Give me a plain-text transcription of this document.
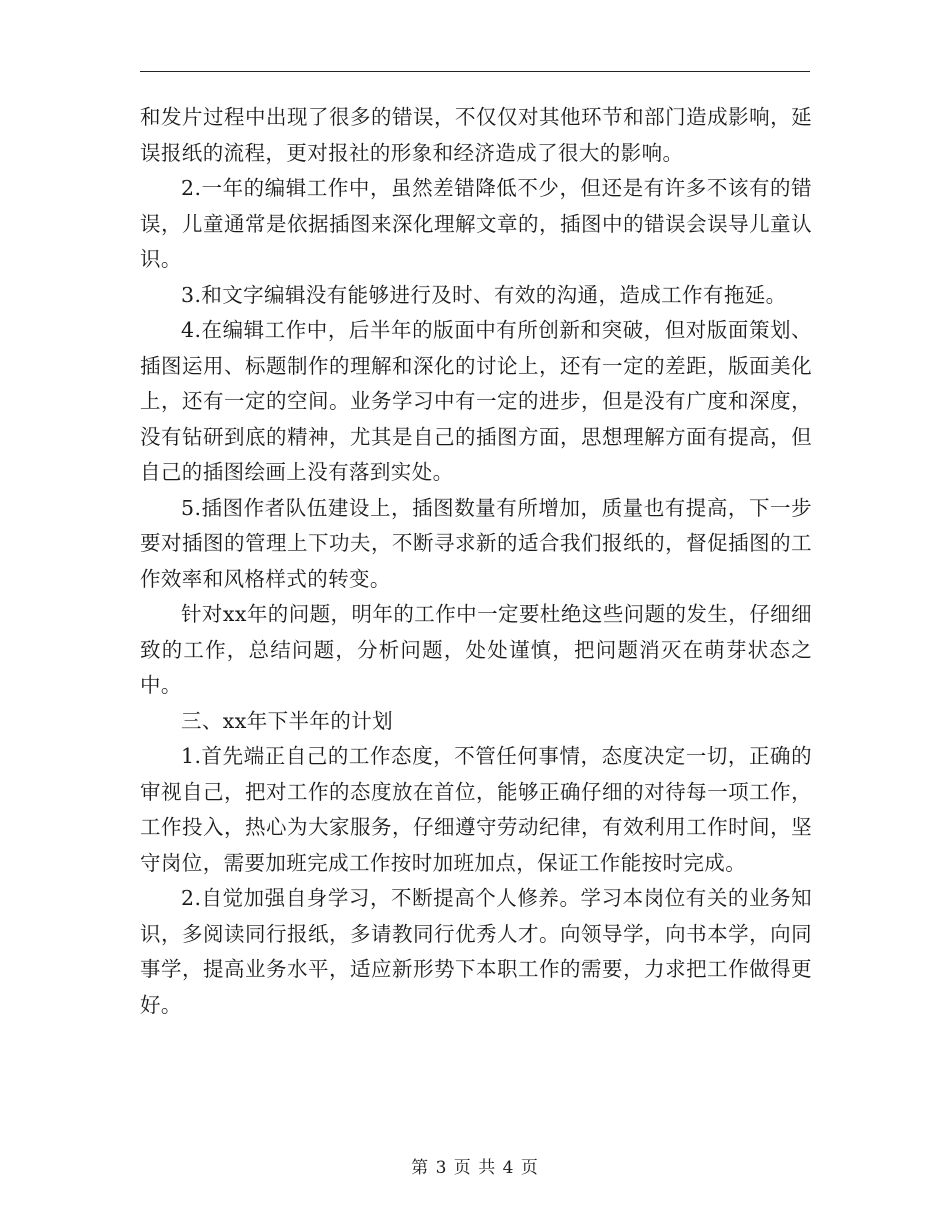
和发片过程中出现了很多的错误，不仅仅对其他环节和部门造成影响，延误报纸的流程，更对报社的形象和经济造成了很大的影响。

2.一年的编辑工作中，虽然差错降低不少，但还是有许多不该有的错误，儿童通常是依据插图来深化理解文章的，插图中的错误会误导儿童认识。

3.和文字编辑没有能够进行及时、有效的沟通，造成工作有拖延。

4.在编辑工作中，后半年的版面中有所创新和突破，但对版面策划、插图运用、标题制作的理解和深化的讨论上，还有一定的差距，版面美化上，还有一定的空间。业务学习中有一定的进步，但是没有广度和深度，没有钻研到底的精神，尤其是自己的插图方面，思想理解方面有提高，但自己的插图绘画上没有落到实处。

5.插图作者队伍建设上，插图数量有所增加，质量也有提高，下一步要对插图的管理上下功夫，不断寻求新的适合我们报纸的，督促插图的工作效率和风格样式的转变。

针对xx年的问题，明年的工作中一定要杜绝这些问题的发生，仔细细致的工作，总结问题，分析问题，处处谨慎，把问题消灭在萌芽状态之中。

三、xx年下半年的计划

1.首先端正自己的工作态度，不管任何事情，态度决定一切，正确的审视自己，把对工作的态度放在首位，能够正确仔细的对待每一项工作，工作投入，热心为大家服务，仔细遵守劳动纪律，有效利用工作时间，坚守岗位，需要加班完成工作按时加班加点，保证工作能按时完成。

2.自觉加强自身学习，不断提高个人修养。学习本岗位有关的业务知识，多阅读同行报纸，多请教同行优秀人才。向领导学，向书本学，向同事学，提高业务水平，适应新形势下本职工作的需要，力求把工作做得更好。

第 3 页 共 4 页
